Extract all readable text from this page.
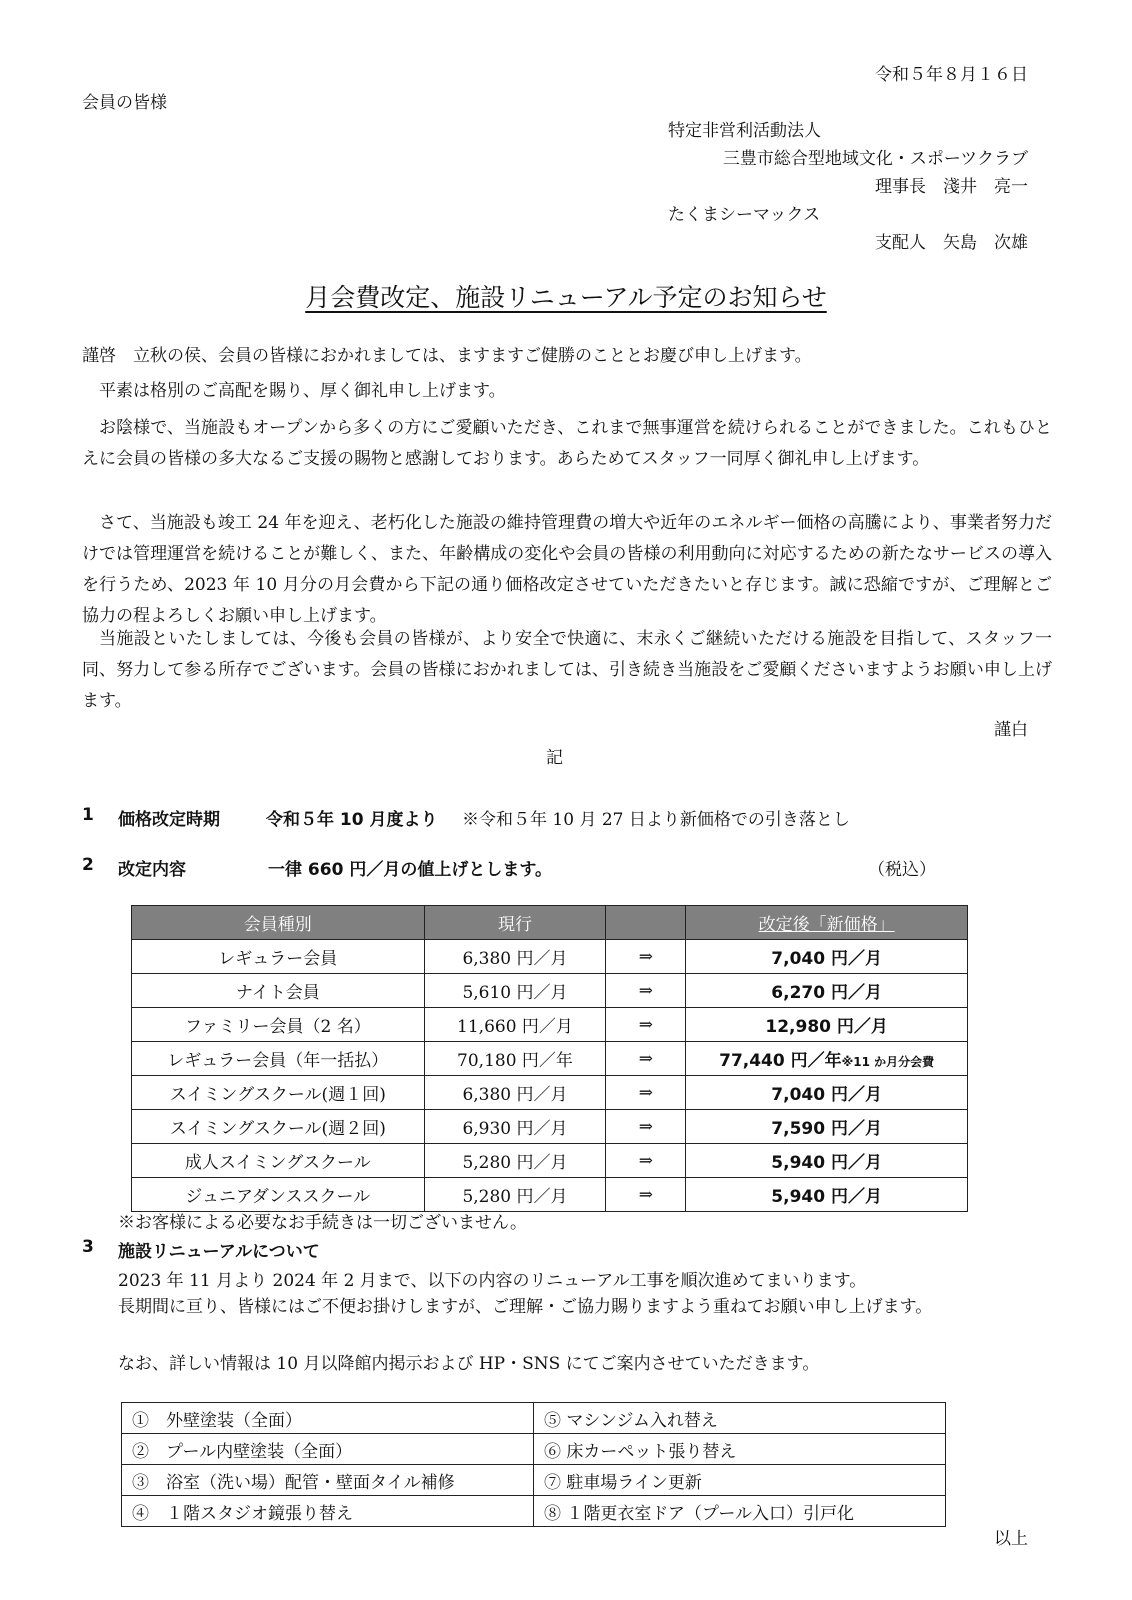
令和５年８月１６日
会員の皆様
特定非営利活動法人
三豊市総合型地域文化・スポーツクラブ
理事長　淺井　亮一
たくまシーマックス
支配人　矢島　次雄
月会費改定、施設リニューアル予定のお知らせ
謹啓　立秋の侯、会員の皆様におかれましては、ますますご健勝のこととお慶び申し上げます。
平素は格別のご高配を賜り、厚く御礼申し上げます。
お陰様で、当施設もオープンから多くの方にご愛顧いただき、これまで無事運営を続けられることができました。これもひとえに会員の皆様の多大なるご支援の賜物と感謝しております。あらためてスタッフ一同厚く御礼申し上げます。
さて、当施設も竣工 24 年を迎え、老朽化した施設の維持管理費の増大や近年のエネルギー価格の高騰により、事業者努力だけでは管理運営を続けることが難しく、また、年齢構成の変化や会員の皆様の利用動向に対応するための新たなサービスの導入を行うため、2023 年 10 月分の月会費から下記の通り価格改定させていただきたいと存じます。誠に恐縮ですが、ご理解とご協力の程よろしくお願い申し上げます。
当施設といたしましては、今後も会員の皆様が、より安全で快適に、末永くご継続いただける施設を目指して、スタッフ一同、努力して参る所存でございます。会員の皆様におかれましては、引き続き当施設をご愛顧くださいますようお願い申し上げます。
謹白
記
1 価格改定時期	令和５年 10 月度より ※令和５年 10 月 27 日より新価格での引き落とし
2 改定内容	一律 660 円／月の値上げとします。	（税込）
会員種別	現行		改定後「新価格」
レギュラー会員	6,380 円／月	⇒	7,040 円／月
ナイト会員	5,610 円／月	⇒	6,270 円／月
ファミリー会員（2 名）	11,660 円／月	⇒	12,980 円／月
レギュラー会員（年一括払）	70,180 円／年	⇒	77,440 円／年※11 か月分会費
スイミングスクール(週１回)	6,380 円／月	⇒	7,040 円／月
スイミングスクール(週２回)	6,930 円／月	⇒	7,590 円／月
成人スイミングスクール	5,280 円／月	⇒	5,940 円／月
ジュニアダンススクール	5,280 円／月	⇒	5,940 円／月
※お客様による必要なお手続きは一切ございません。
3 施設リニューアルについて
2023 年 11 月より 2024 年 2 月まで、以下の内容のリニューアル工事を順次進めてまいります。
長期間に亘り、皆様にはご不便お掛けしますが、ご理解・ご協力賜りますよう重ねてお願い申し上げます。
なお、詳しい情報は 10 月以降館内掲示および HP・SNS にてご案内させていただきます。
①　外壁塗装（全面）	⑤ マシンジム入れ替え
②　プール内壁塗装（全面）	⑥ 床カーペット張り替え
③　浴室（洗い場）配管・壁面タイル補修	⑦ 駐車場ライン更新
④　１階スタジオ鏡張り替え	⑧ １階更衣室ドア（プール入口）引戸化
以上
